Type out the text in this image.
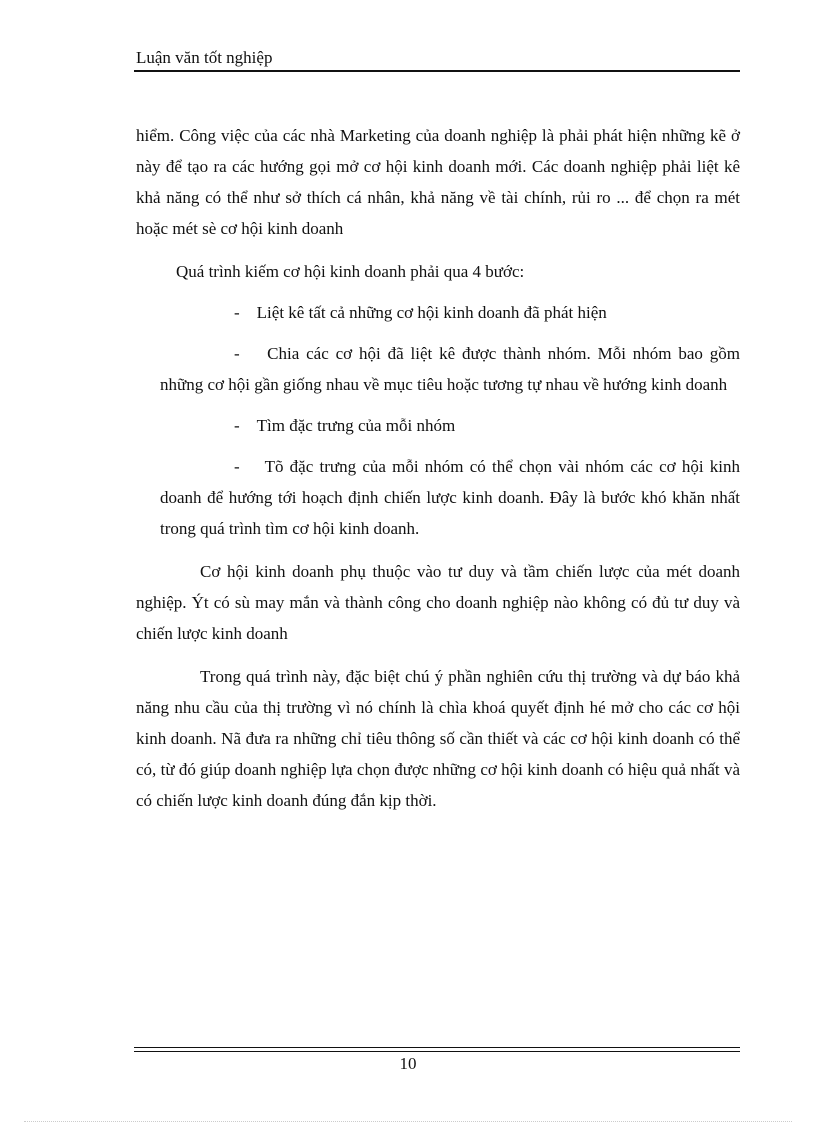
Luận văn tốt nghiệp

hiểm. Công việc của các nhà Marketing của doanh nghiệp là phải phát hiện những kẽ ở này để tạo ra các hướng gọi mở cơ hội kinh doanh mới. Các doanh nghiệp phải liệt kê khả năng có thể như sở thích cá nhân, khả năng về tài chính, rủi ro ... để chọn ra mét hoặc mét sè cơ hội kinh doanh

Quá trình kiếm cơ hội kinh doanh phải qua 4 bước:

- Liệt kê tất cả những cơ hội kinh doanh đã phát hiện

- Chia các cơ hội đã liệt kê được thành nhóm. Mỗi nhóm bao gồm những cơ hội gần giống nhau về mục tiêu hoặc tương tự nhau về hướng kinh doanh

- Tìm đặc trưng của mỗi nhóm

- Tõ đặc trưng của mỗi nhóm có thể chọn vài nhóm các cơ hội kinh doanh để hướng tới hoạch định chiến lược kinh doanh. Đây là bước khó khăn nhất trong quá trình tìm cơ hội kinh doanh.

Cơ hội kinh doanh phụ thuộc vào tư duy và tầm chiến lược của mét doanh nghiệp. Ýt có sù may mắn và thành công cho doanh nghiệp nào không có đủ tư duy và chiến lược kinh doanh

Trong quá trình này, đặc biệt chú ý phần nghiên cứu thị trường và dự báo khả năng nhu cầu của thị trường vì nó chính là chìa khoá quyết định hé mở cho các cơ hội kinh doanh. Nã đưa ra những chỉ tiêu thông số cần thiết và các cơ hội kinh doanh có thể có, từ đó giúp doanh nghiệp lựa chọn được những cơ hội kinh doanh có hiệu quả nhất và có chiến lược kinh doanh đúng đắn kịp thời.

10
